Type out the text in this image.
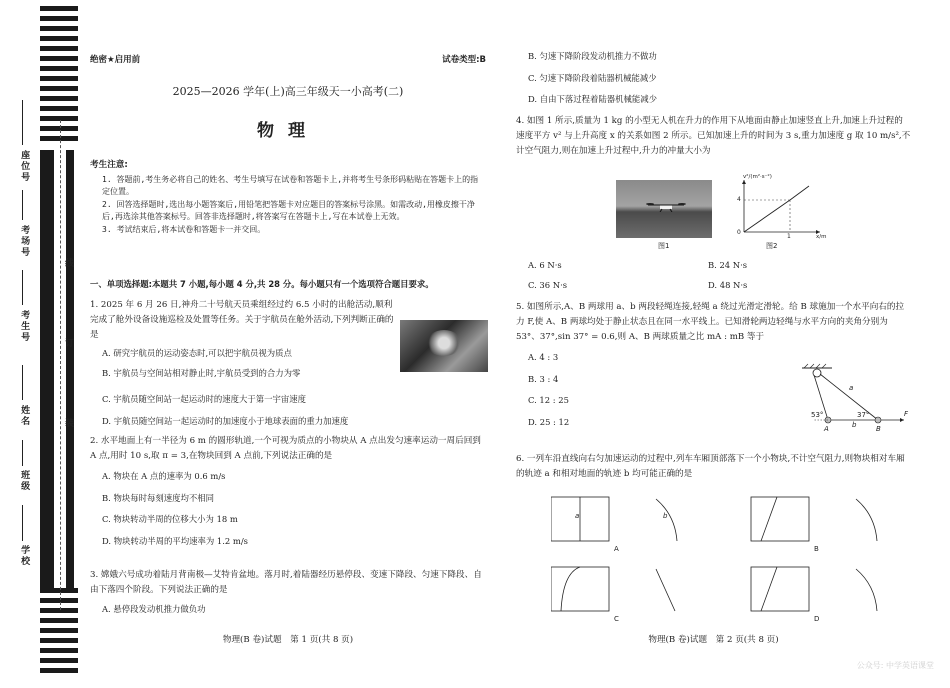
线
订
装
座位号
考场号
考生号
姓名
班级
学校
绝密★启用前	试卷类型:B
2025—2026 学年(上)高三年级天一小高考(二)
物理
考生注意:

1. 答题前,考生务必将自己的姓名、考生号填写在试卷和答题卡上,并将考生号条形码粘贴在答题卡上的指定位置。

2. 回答选择题时,选出每小题答案后,用铅笔把答题卡对应题目的答案标号涂黑。如需改动,用橡皮擦干净后,再选涂其他答案标号。回答非选择题时,将答案写在答题卡上,写在本试卷上无效。

3. 考试结束后,将本试卷和答题卡一并交回。

一、单项选择题:本题共 7 小题,每小题 4 分,共 28 分。每小题只有一个选项符合题目要求。
1. 2025 年 6 月 26 日,神舟二十号航天员乘组经过约 6.5 小时的出舱活动,顺利完成了舱外设备设施巡检及处置等任务。关于宇航员在舱外活动,下列判断正确的是
A. 研究宇航员的运动姿态时,可以把宇航员视为质点
B. 宇航员与空间站相对静止时,宇航员受到的合力为零
C. 宇航员随空间站一起运动时的速度大于第一宇宙速度
D. 宇航员随空间站一起运动时的加速度小于地球表面的重力加速度
2. 水平地面上有一半径为 6 m 的圆形轨道,一个可视为质点的小物块从 A 点出发匀速率运动一周后回到 A 点,用时 10 s,取 π = 3,在物块回到 A 点前,下列说法正确的是
A. 物块在 A 点的速率为 0.6 m/s
B. 物块每时每刻速度均不相同
C. 物块转动半周的位移大小为 18 m
D. 物块转动半周的平均速率为 1.2 m/s
3. 嫦娥六号成功着陆月背南极—艾特肯盆地。落月时,着陆器经历悬停段、变速下降段、匀速下降段、自由下落四个阶段。下列说法正确的是
A. 悬停段发动机推力做负功
物理(B 卷)试题　第 1 页(共 8 页)
B. 匀速下降阶段发动机推力不做功
C. 匀速下降阶段着陆器机械能减少
D. 自由下落过程着陆器机械能减少
4. 如图 1 所示,质量为 1 kg 的小型无人机在升力的作用下从地面由静止加速竖直上升,加速上升过程的速度平方 v² 与上升高度 x 的关系如图 2 所示。已知加速上升的时间为 3 s,重力加速度 g 取 10 m/s²,不计空气阻力,则在加速上升过程中,升力的冲量大小为
图1
v²/(m²·s⁻²)
x/m
4
1
0
图2
A. 6 N·s	B. 24 N·s
C. 36 N·s	D. 48 N·s
5. 如图所示,A、B 两球用 a、b 两段轻绳连接,轻绳 a 绕过光滑定滑轮。给 B 球施加一个水平向右的拉力 F,使 A、B 两球均处于静止状态且在同一水平线上。已知滑轮两边轻绳与水平方向的夹角分别为 53°、37°,sin 37° = 0.6,则 A、B 两球质量之比 mA : mB 等于
A. 4 : 3
B. 3 : 4
C. 12 : 25
D. 25 : 12
a
b
A	B
F
53°	37°
6. 一列车沿直线向右匀加速运动的过程中,列车车厢顶部落下一个小物块,不计空气阻力,则物块相对车厢的轨迹 a 和相对地面的轨迹 b 均可能正确的是
A	B
C	D
a	b
物理(B 卷)试题　第 2 页(共 8 页)
公众号: 中学英语课堂
